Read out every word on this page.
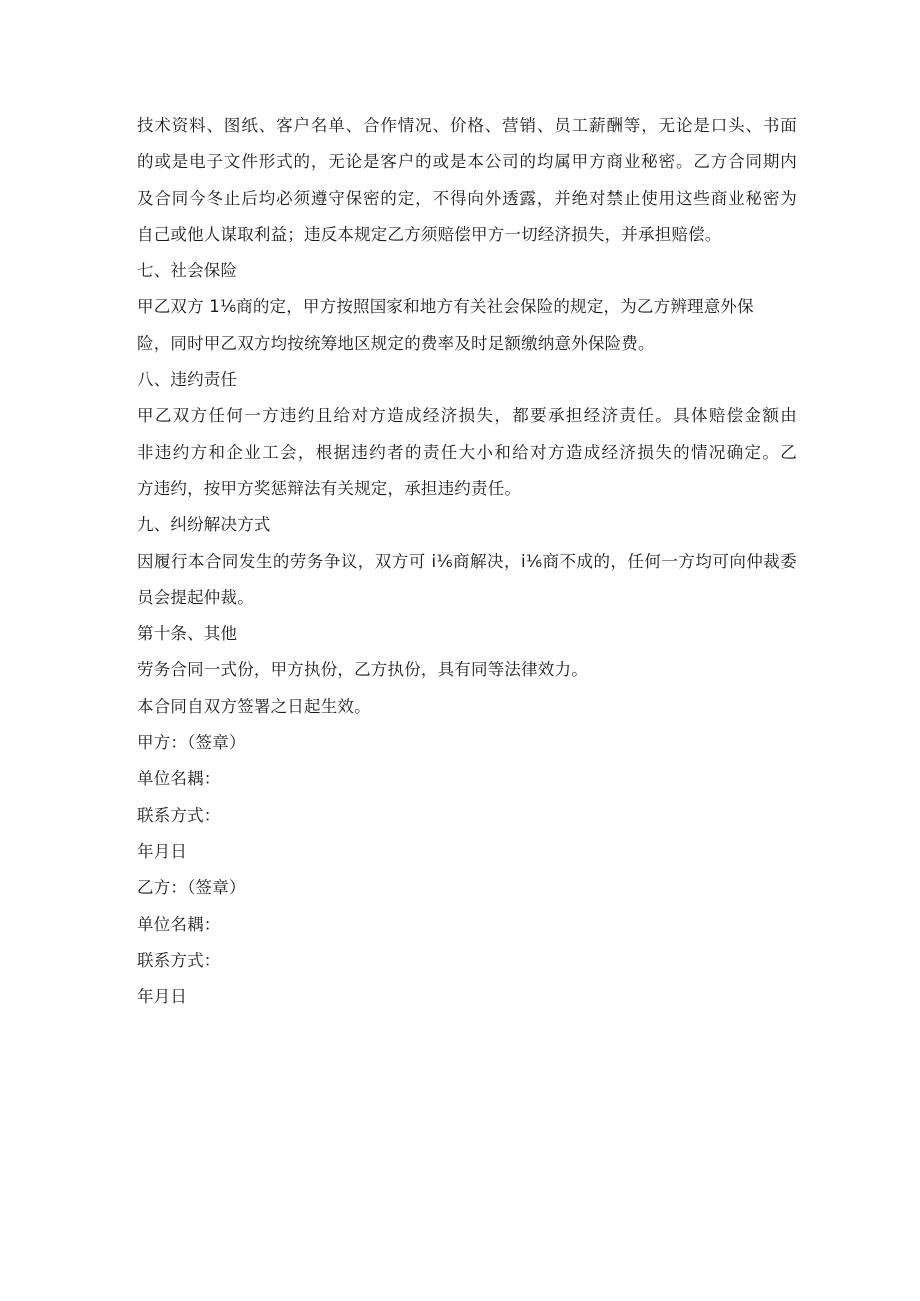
技术资料、图纸、客户名单、合作情况、价格、营销、员工薪酬等，无论是口头、书面
的或是电子文件形式的，无论是客户的或是本公司的均属甲方商业秘密。乙方合同期内
及合同今冬止后均必须遵守保密的定，不得向外透露，并绝对禁止使用这些商业秘密为
自己或他人谋取利益；违反本规定乙方须赔偿甲方一切经济损失，并承担赔偿。
七、社会保险
甲乙双方 1⅙商的定，甲方按照国家和地方有关社会保险的规定，为乙方辨理意外保
险，同时甲乙双方均按统筹地区规定的费率及时足额缴纳意外保险费。
八、违约责任
甲乙双方任何一方违约且给对方造成经济损失，都要承担经济责任。具体赔偿金额由
非违约方和企业工会，根据违约者的责任大小和给对方造成经济损失的情况确定。乙
方违约，按甲方奖惩辩法有关规定，承担违约责任。
九、纠纷解决方式
因履行本合同发生的劳务争议，双方可 i⅙商解决，i⅙商不成的，任何一方均可向仲裁委
员会提起仲裁。
第十条、其他
劳务合同一式份，甲方执份，乙方执份，具有同等法律效力。
本合同自双方签署之日起生效。
甲方：（签章）
单位名耦：
联系方式：
年月日
乙方：（签章）
单位名耦：
联系方式：
年月日
